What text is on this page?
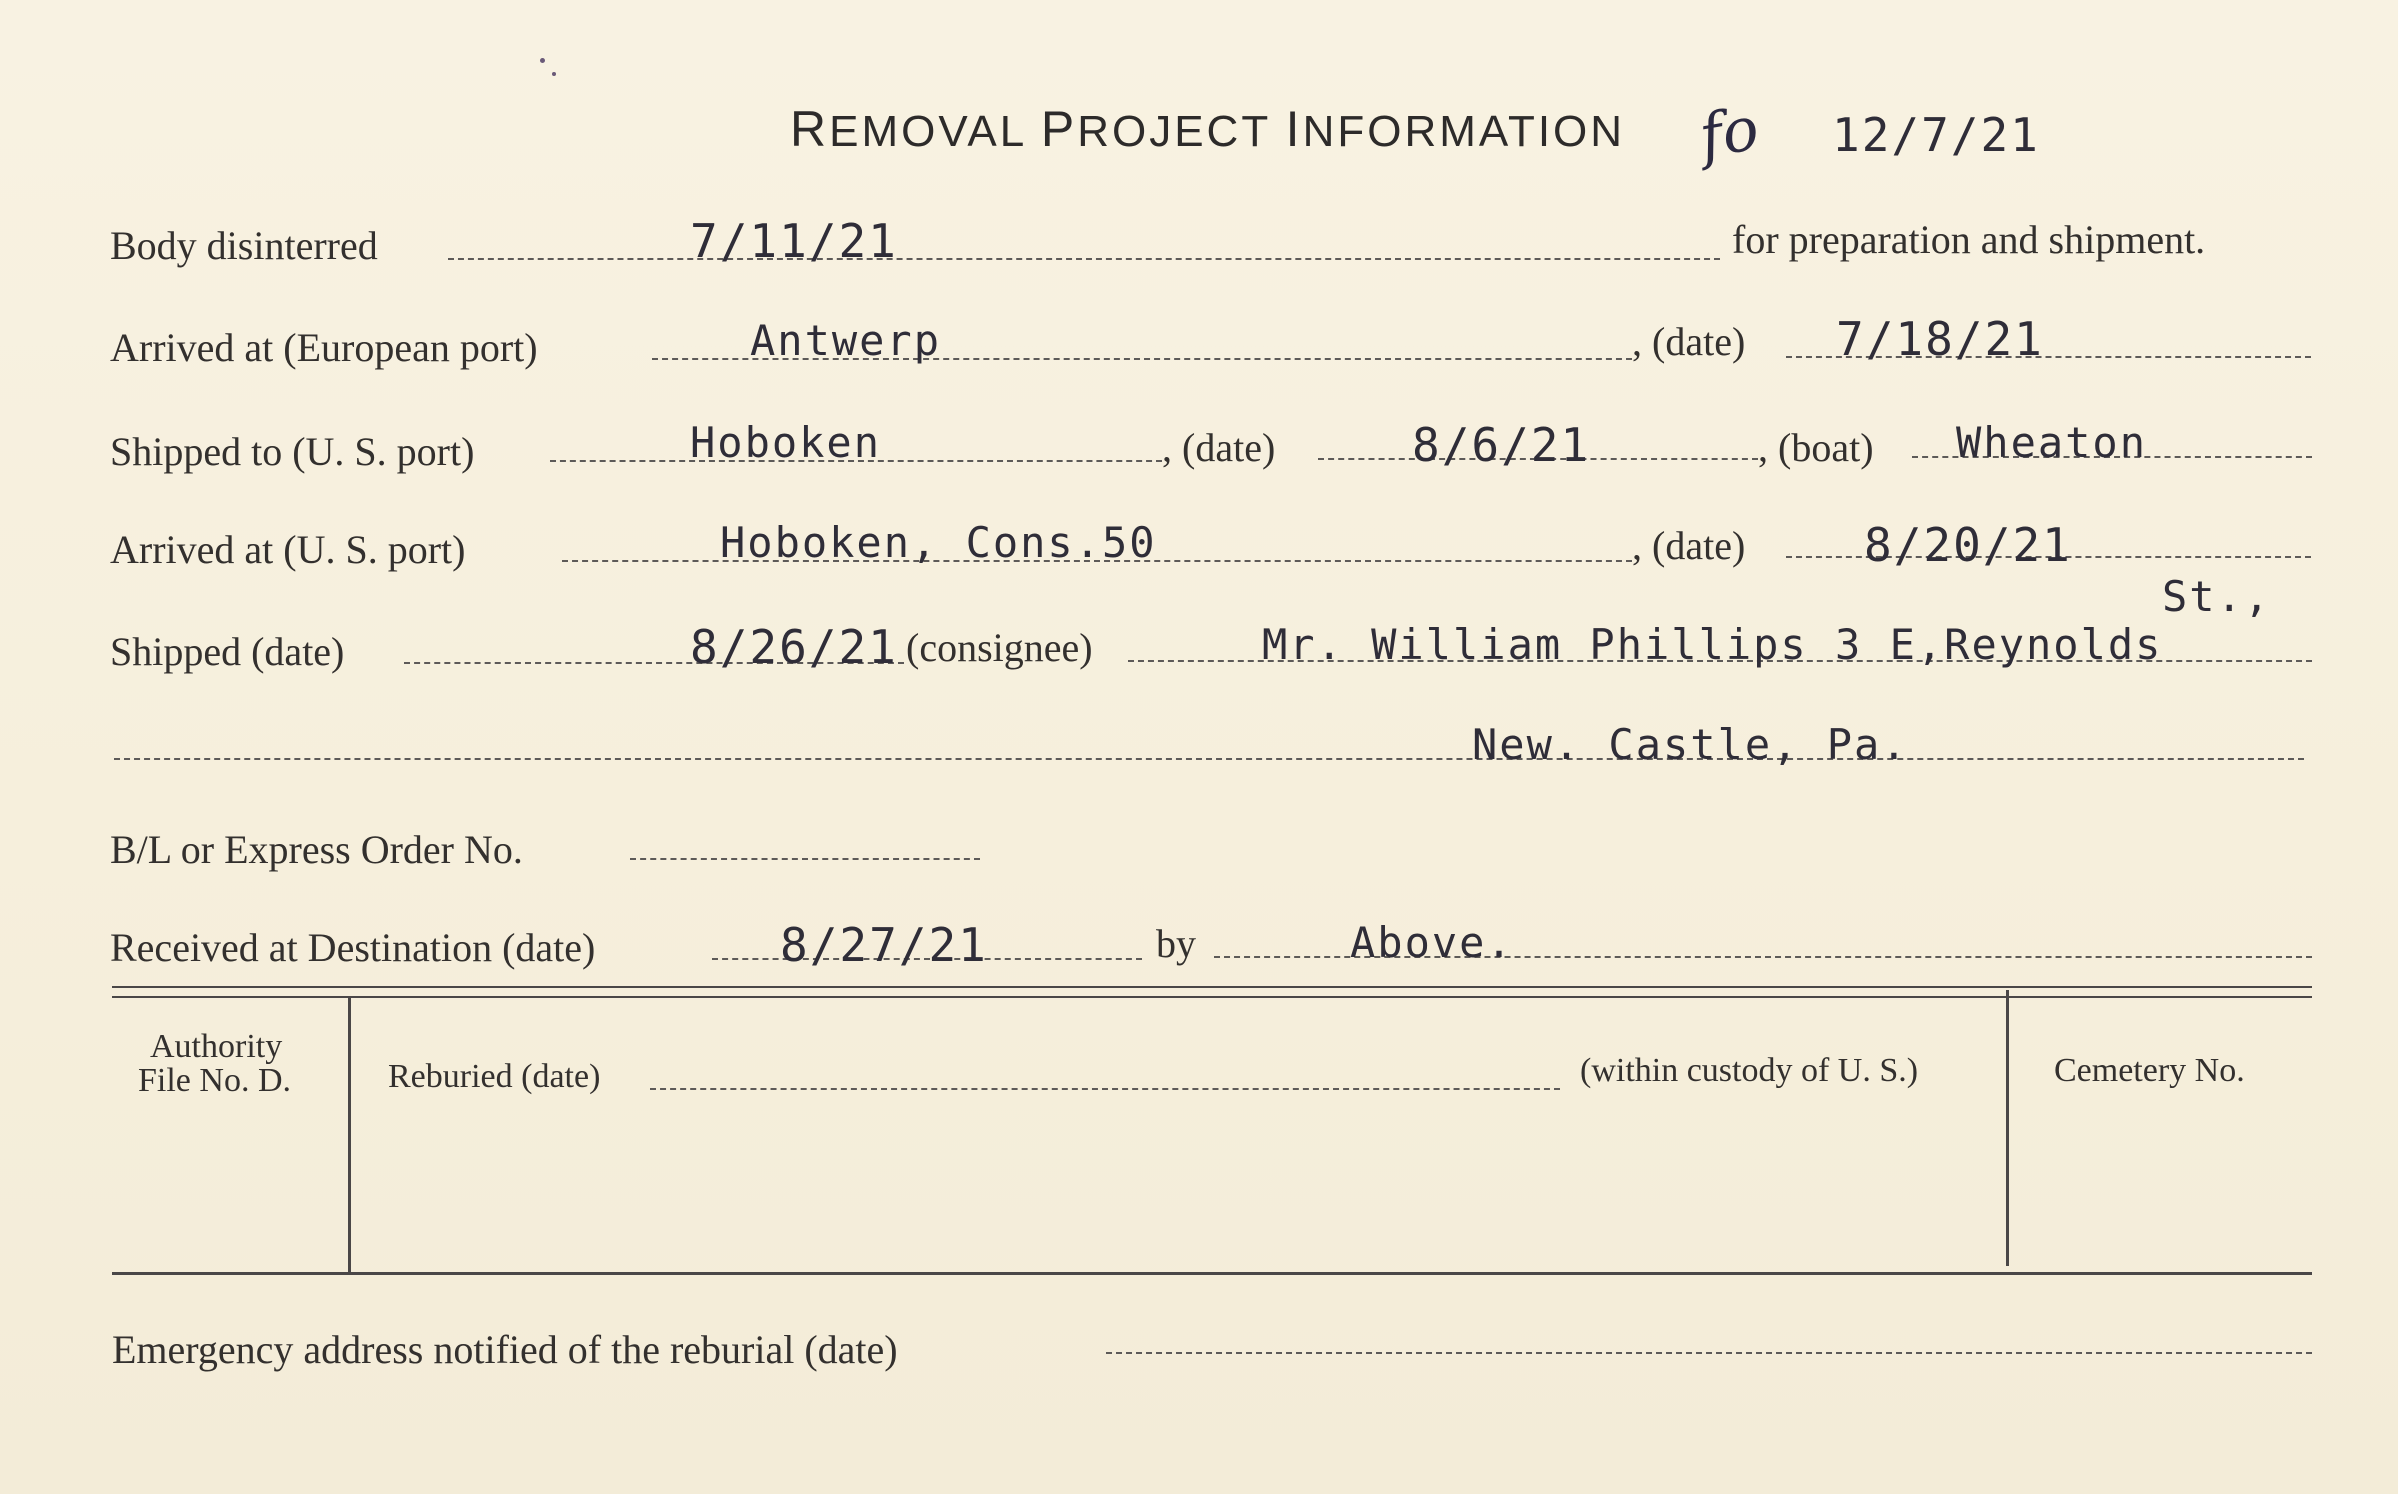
REMOVAL PROJECT INFORMATION fo 12/7/21
Body disinterred	7/11/21	for preparation and shipment.
Arrived at (European port)	Antwerp	, (date) 7/18/21
Shipped to (U. S. port)	Hoboken	, (date)	8/6/21	, (boat) Wheaton
Arrived at (U. S. port)	Hoboken, Cons.50	, (date)	8/20/21
Shipped (date)	8/26/21 (consignee)	Mr. William Phillips 3 E,Reynolds
St.,
New. Castle, Pa.
B/L or Express Order No.
Received at Destination (date)	8/27/21	by	Above.
Authority
File No. D.	Reburied (date)	(within custody of U. S.)	Cemetery No.
Emergency address notified of the reburial (date)
